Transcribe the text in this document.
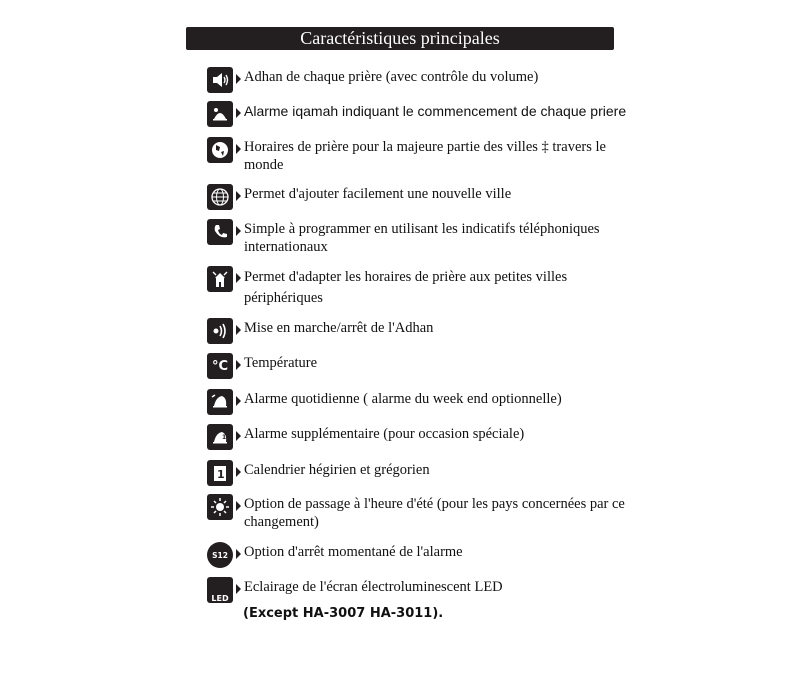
Caractéristiques principales
Adhan de chaque prière (avec contrôle du volume)
Alarme iqamah indiquant le commencement de chaque priere
Horaires de prière pour la majeure partie des villes ‡ travers le monde
Permet d'ajouter facilement une nouvelle ville
Simple à programmer en utilisant les indicatifs téléphoniques internationaux
Permet d'adapter les horaires de prière aux petites villes périphériques
Mise en marche/arrêt de l'Adhan
°C	Température
Alarme quotidienne ( alarme du week end optionnelle)
1 Alarme supplémentaire (pour occasion spéciale)
1 Calendrier hégirien et grégorien
Option de passage à l'heure d'été (pour les pays concernées par ce changement)
S12	Option d'arrêt momentané de l'alarme
LED
Eclairage de l'écran électroluminescent LED
(Except HA-3007 HA-3011).
